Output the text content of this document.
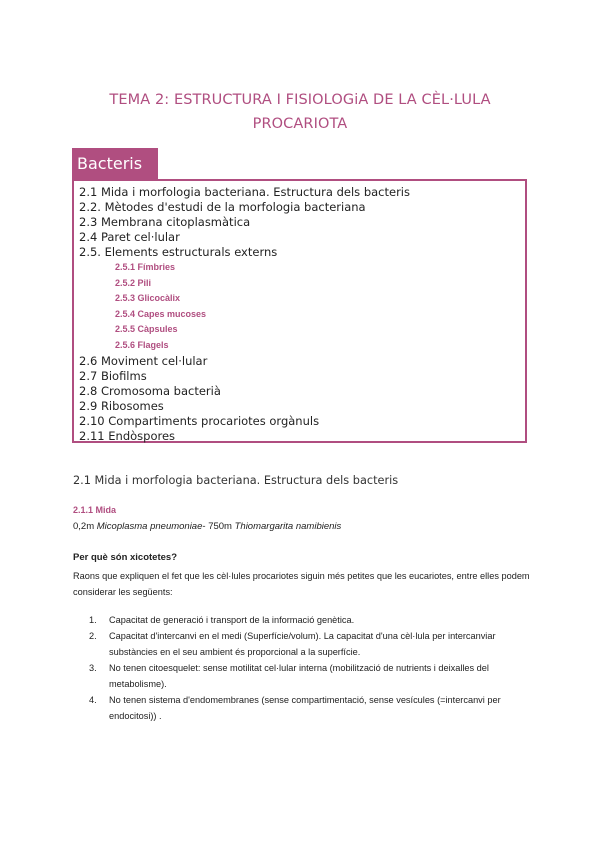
TEMA 2: ESTRUCTURA I FISIOLOGiA DE LA CÈL·LULA
PROCARIOTA
Bacteris
2.1 Mida i morfologia bacteriana. Estructura dels bacteris
2.2. Mètodes d'estudi de la morfologia bacteriana
2.3 Membrana citoplasmàtica
2.4 Paret cel·lular
2.5. Elements estructurals externs
2.5.1 Fímbries
2.5.2 Pili
2.5.3 Glicocàlix
2.5.4 Capes mucoses
2.5.5 Càpsules
2.5.6 Flagels
2.6 Moviment cel·lular
2.7 Biofilms
2.8 Cromosoma bacterià
2.9 Ribosomes
2.10 Compartiments procariotes orgànuls
2.11 Endòspores
2.1 Mida i morfologia bacteriana. Estructura dels bacteris
2.1.1 Mida
0,2m Micoplasma pneumoniae- 750m Thiomargarita namibienis
Per què són xicotetes?
Raons que expliquen el fet que les cèl·lules procariotes siguin més petites que les eucariotes, entre elles podem considerar les següents:
1. Capacitat de generació i transport de la informació genètica.
2. Capacitat d'intercanvi en el medi (Superfície/volum). La capacitat d'una cèl·lula per intercanviar substàncies en el seu ambient és proporcional a la superfície.
3. No tenen citoesquelet: sense motilitat cel·lular interna (mobilització de nutrients i deixalles del metabolisme).
4. No tenen sistema d'endomembranes (sense compartimentació, sense vesícules (=intercanvi per endocitosi)) .
